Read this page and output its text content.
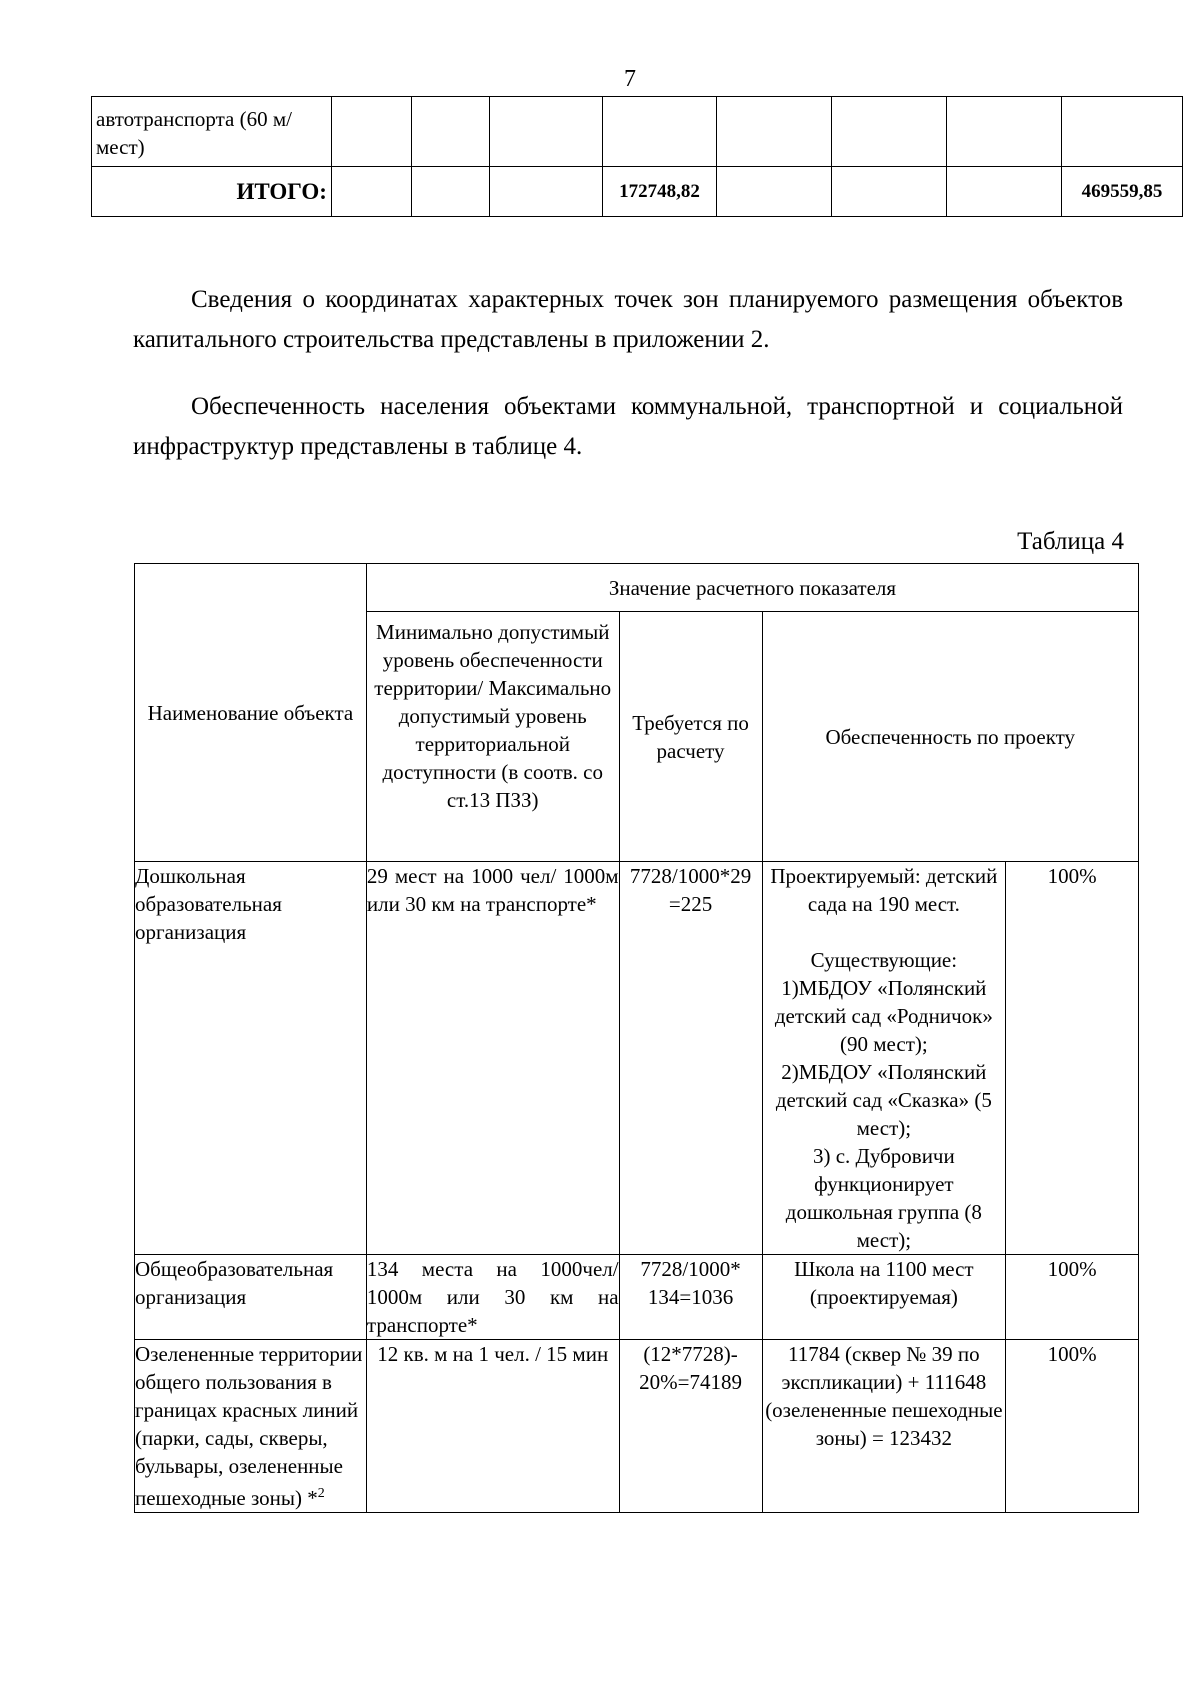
7
автотранспорта (60 м/мест)								
ИТОГО:				172748,82				469559,85
Сведения о координатах характерных точек зон планируемого размещения объектов капитального строительства представлены в приложении 2.
Обеспеченность населения объектами коммунальной, транспортной и социальной инфраструктур представлены в таблице 4.
Таблица 4
Наименование объекта	Значение расчетного показателя			
	Минимально допустимый уровень обеспеченности территории/ Максимально допустимый уровень территориальной доступности (в соотв. со ст.13 ПЗЗ)	Требуется по расчету	Обеспеченность по проекту	
Дошкольная образовательная организация	29 мест на 1000 чел/ 1000м или 30 км на транспорте*	7728/1000*29 =225	Проектируемый: детский сада на 190 мест.
Существующие:
1)МБДОУ «Полянский детский сад «Родничок» (90 мест);
2)МБДОУ «Полянский детский сад «Сказка» (5 мест);
3) с. Дубровичи функционирует дошкольная группа (8 мест);	100%
Общеобразовательная организация	134 места на 1000чел/ 1000м или 30 км на транспорте*	7728/1000* 134=1036	Школа на 1100 мест (проектируемая)	100%
Озелененные территории общего пользования в границах красных линий (парки, сады, скверы, бульвары, озелененные пешеходные зоны) *$^2$	12 кв. м на 1 чел. / 15 мин	(12*7728)- 20%=74189	11784 (сквер № 39 по экспликации) + 111648 (озелененные пешеходные зоны) = 123432	100%
